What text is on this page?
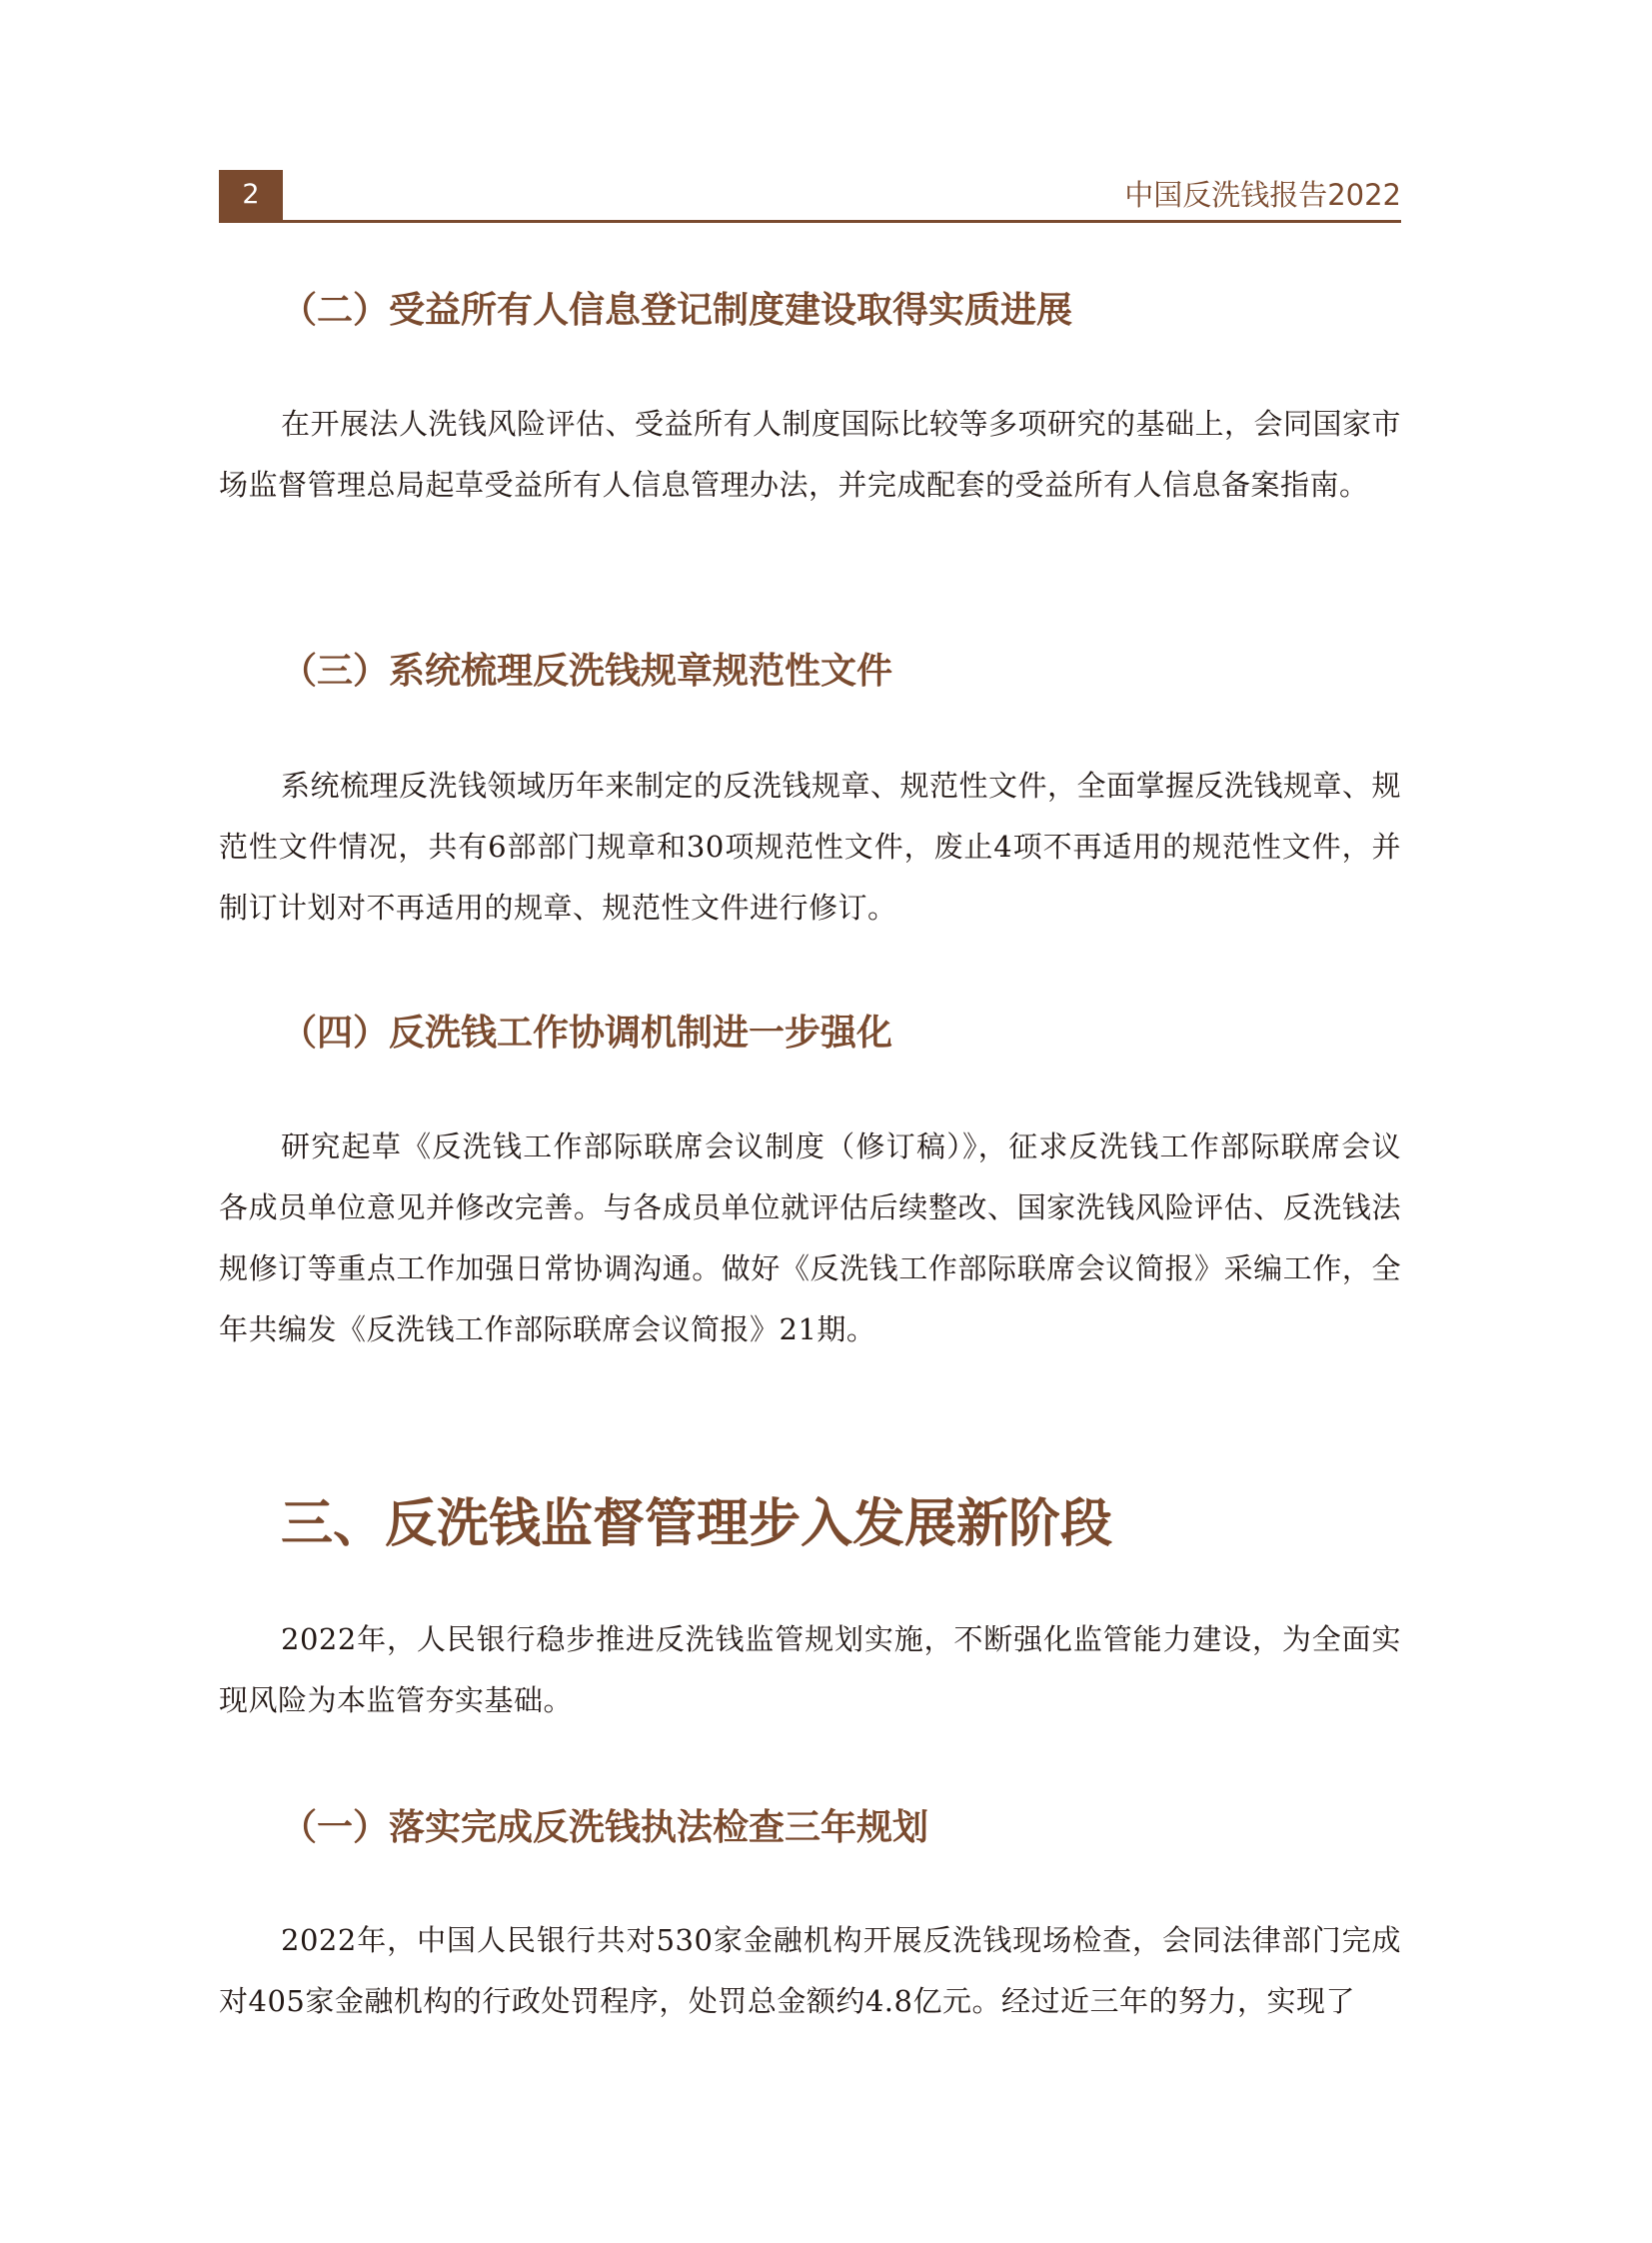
2	中国反洗钱报告2022
（二）受益所有人信息登记制度建设取得实质进展

在开展法人洗钱风险评估、受益所有人制度国际比较等多项研究的基础上，会同国家市场监督管理总局起草受益所有人信息管理办法，并完成配套的受益所有人信息备案指南。

（三）系统梳理反洗钱规章规范性文件

系统梳理反洗钱领域历年来制定的反洗钱规章、规范性文件，全面掌握反洗钱规章、规范性文件情况，共有6部部门规章和30项规范性文件，废止4项不再适用的规范性文件，并制订计划对不再适用的规章、规范性文件进行修订。

（四）反洗钱工作协调机制进一步强化

研究起草《反洗钱工作部际联席会议制度（修订稿）》，征求反洗钱工作部际联席会议各成员单位意见并修改完善。与各成员单位就评估后续整改、国家洗钱风险评估、反洗钱法规修订等重点工作加强日常协调沟通。做好《反洗钱工作部际联席会议简报》采编工作，全年共编发《反洗钱工作部际联席会议简报》21期。

三、反洗钱监督管理步入发展新阶段

2022年，人民银行稳步推进反洗钱监管规划实施，不断强化监管能力建设，为全面实现风险为本监管夯实基础。

（一）落实完成反洗钱执法检查三年规划

2022年，中国人民银行共对530家金融机构开展反洗钱现场检查，会同法律部门完成对405家金融机构的行政处罚程序，处罚总金额约4.8亿元。经过近三年的努力，实现了
